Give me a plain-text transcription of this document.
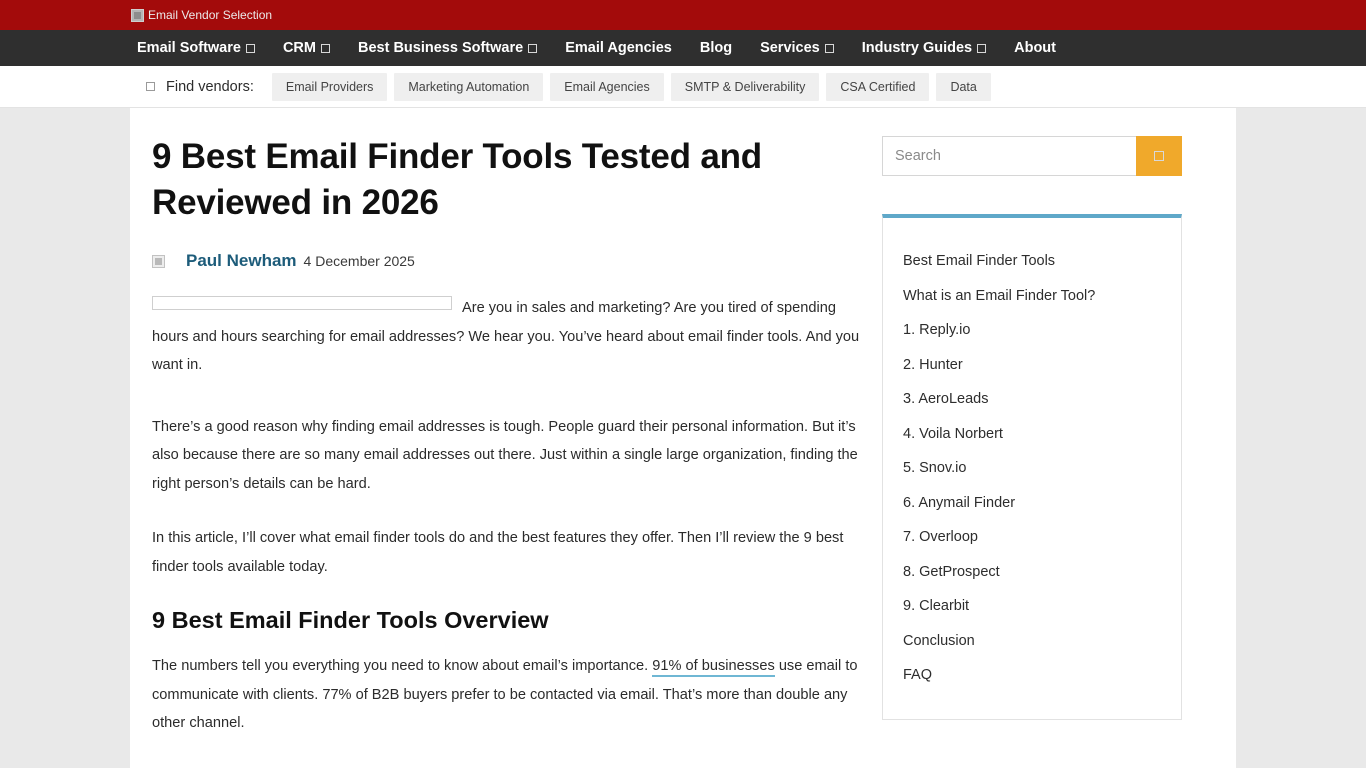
Email Vendor Selection
Email Software	CRM	Best Business Software	Email Agencies Blog Services	Industry Guides	About
Find vendors:	Email Providers	Marketing Automation	Email Agencies	SMTP & Deliverability	CSA Certified	Data
9 Best Email Finder Tools Tested and Reviewed in 2026
Paul Newham 4 December 2025

Are you in sales and marketing? Are you tired of spending hours and hours searching for email addresses? We hear you. You’ve heard about email finder tools. And you want in.

There’s a good reason why finding email addresses is tough. People guard their personal information. But it’s also because there are so many email addresses out there. Just within a single large organization, finding the right person’s details can be hard.

In this article, I’ll cover what email finder tools do and the best features they offer. Then I’ll review the 9 best finder tools available today.

9 Best Email Finder Tools Overview

The numbers tell you everything you need to know about email’s importance. 91% of businesses use email to communicate with clients. 77% of B2B buyers prefer to be contacted via email. That’s more than double any other channel.

Search
Best Email Finder Tools
What is an Email Finder Tool?
1. Reply.io
2. Hunter
3. AeroLeads
4. Voila Norbert
5. Snov.io
6. Anymail Finder
7. Overloop
8. GetProspect
9. Clearbit
Conclusion
FAQ
